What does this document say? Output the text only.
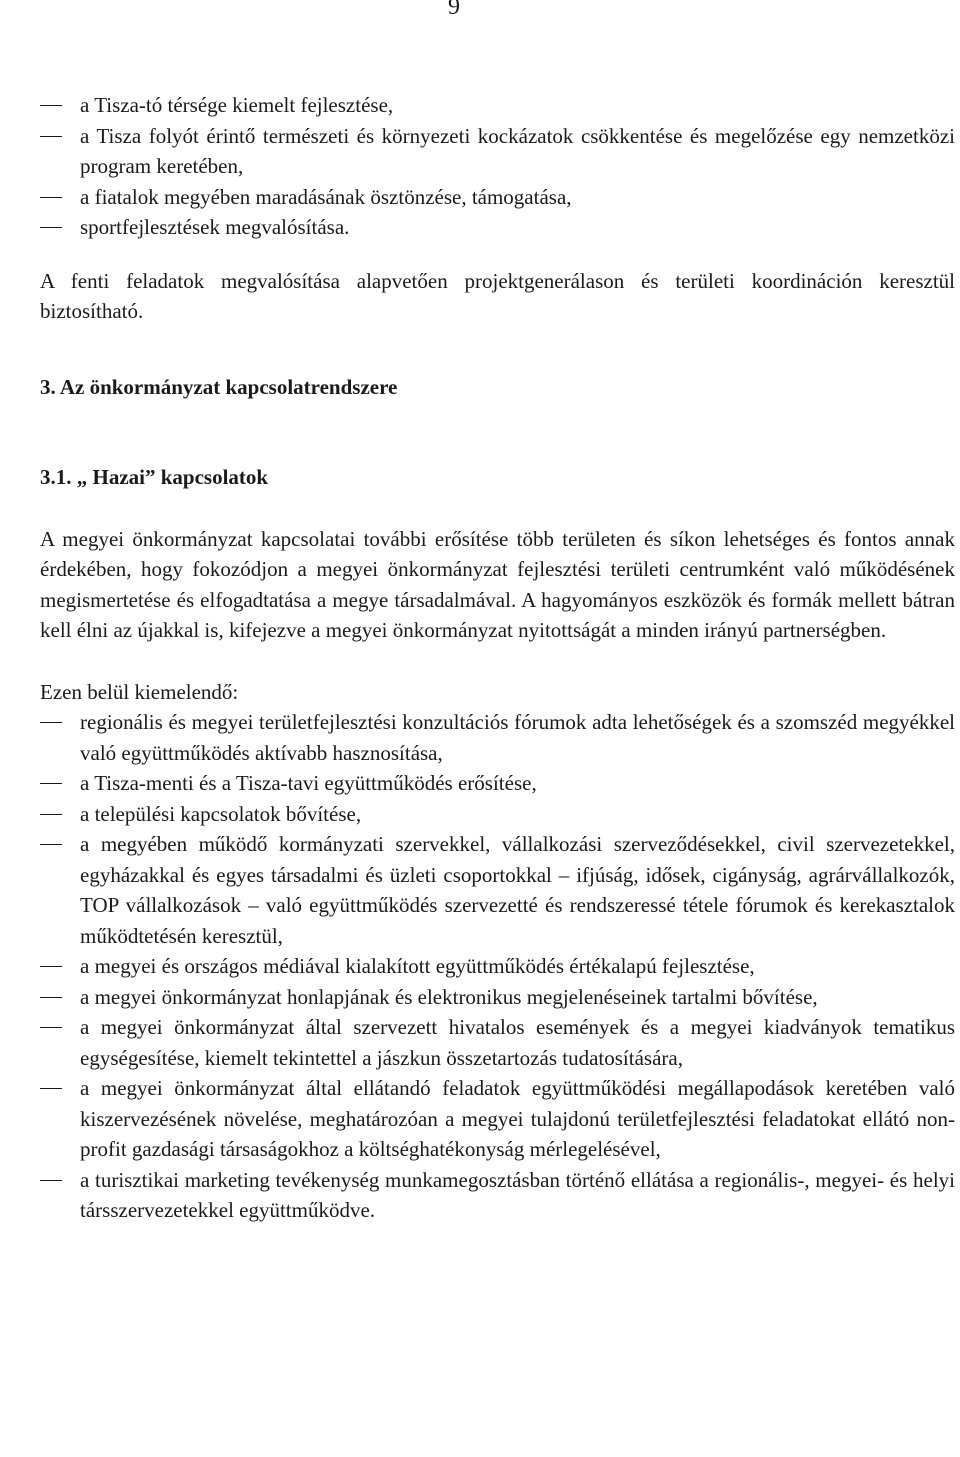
9
a Tisza-tó térsége kiemelt fejlesztése,
a Tisza folyót érintő természeti és környezeti kockázatok csökkentése és megelőzése egy nemzetközi program keretében,
a fiatalok megyében maradásának ösztönzése, támogatása,
sportfejlesztések megvalósítása.

A fenti feladatok megvalósítása alapvetően projektgenerálason és területi koordináción keresztül biztosítható.

3. Az önkormányzat kapcsolatrendszere
3.1. „ Hazai” kapcsolatok

A megyei önkormányzat kapcsolatai további erősítése több területen és síkon lehetséges és fontos annak érdekében, hogy fokozódjon a megyei önkormányzat fejlesztési területi centrumként való működésének megismertetése és elfogadtatása a megye társadalmával. A hagyományos eszközök és formák mellett bátran kell élni az újakkal is, kifejezve a megyei önkormányzat nyitottságát a minden irányú partnerségben.

Ezen belül kiemelendő:

regionális és megyei területfejlesztési konzultációs fórumok adta lehetőségek és a szomszéd megyékkel való együttműködés aktívabb hasznosítása,
a Tisza-menti és a Tisza-tavi együttműködés erősítése,
a települési kapcsolatok bővítése,
a megyében működő kormányzati szervekkel, vállalkozási szerveződésekkel, civil szervezetekkel, egyházakkal és egyes társadalmi és üzleti csoportokkal – ifjúság, idősek, cigányság, agrárvállalkozók, TOP vállalkozások – való együttműködés szervezetté és rendszeressé tétele fórumok és kerekasztalok működtetésén keresztül,
a megyei és országos médiával kialakított együttműködés értékalapú fejlesztése,
a megyei önkormányzat honlapjának és elektronikus megjelenéseinek tartalmi bővítése,
a megyei önkormányzat által szervezett hivatalos események és a megyei kiadványok tematikus egységesítése, kiemelt tekintettel a jászkun összetartozás tudatosítására,
a megyei önkormányzat által ellátandó feladatok együttműködési megállapodások keretében való kiszervezésének növelése, meghatározóan a megyei tulajdonú területfejlesztési feladatokat ellátó non-profit gazdasági társaságokhoz a költséghatékonyság mérlegelésével,
a turisztikai marketing tevékenység munkamegosztásban történő ellátása a regionális-, megyei- és helyi társszervezetekkel együttműködve.
